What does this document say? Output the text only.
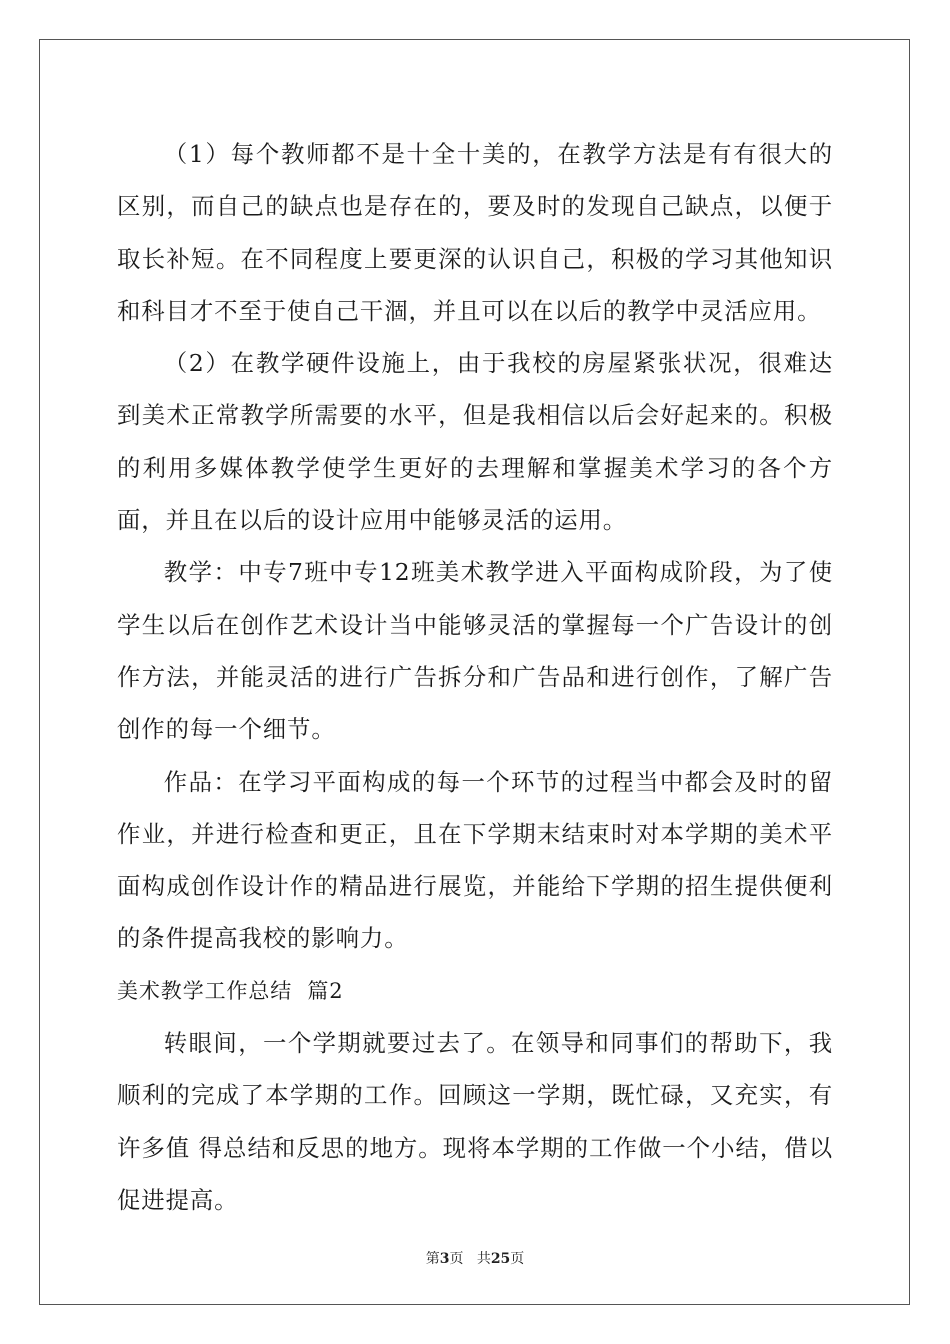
（1）每个教师都不是十全十美的，在教学方法是有有很大的区别，而自己的缺点也是存在的，要及时的发现自己缺点，以便于取长补短。在不同程度上要更深的认识自己，积极的学习其他知识和科目才不至于使自己干涸，并且可以在以后的教学中灵活应用。

（2）在教学硬件设施上，由于我校的房屋紧张状况，很难达到美术正常教学所需要的水平，但是我相信以后会好起来的。积极的利用多媒体教学使学生更好的去理解和掌握美术学习的各个方面，并且在以后的设计应用中能够灵活的运用。

教学：中专7班中专12班美术教学进入平面构成阶段，为了使学生以后在创作艺术设计当中能够灵活的掌握每一个广告设计的创作方法，并能灵活的进行广告拆分和广告品和进行创作，了解广告创作的每一个细节。

作品：在学习平面构成的每一个环节的过程当中都会及时的留作业，并进行检查和更正，且在下学期末结束时对本学期的美术平面构成创作设计作的精品进行展览，并能给下学期的招生提供便利的条件提高我校的影响力。

美术教学工作总结  篇2

转眼间，一个学期就要过去了。在领导和同事们的帮助下，我顺利的完成了本学期的工作。回顾这一学期，既忙碌，又充实，有许多值 得总结和反思的地方。现将本学期的工作做一个小结，借以促进提高。

第3页 共25页
